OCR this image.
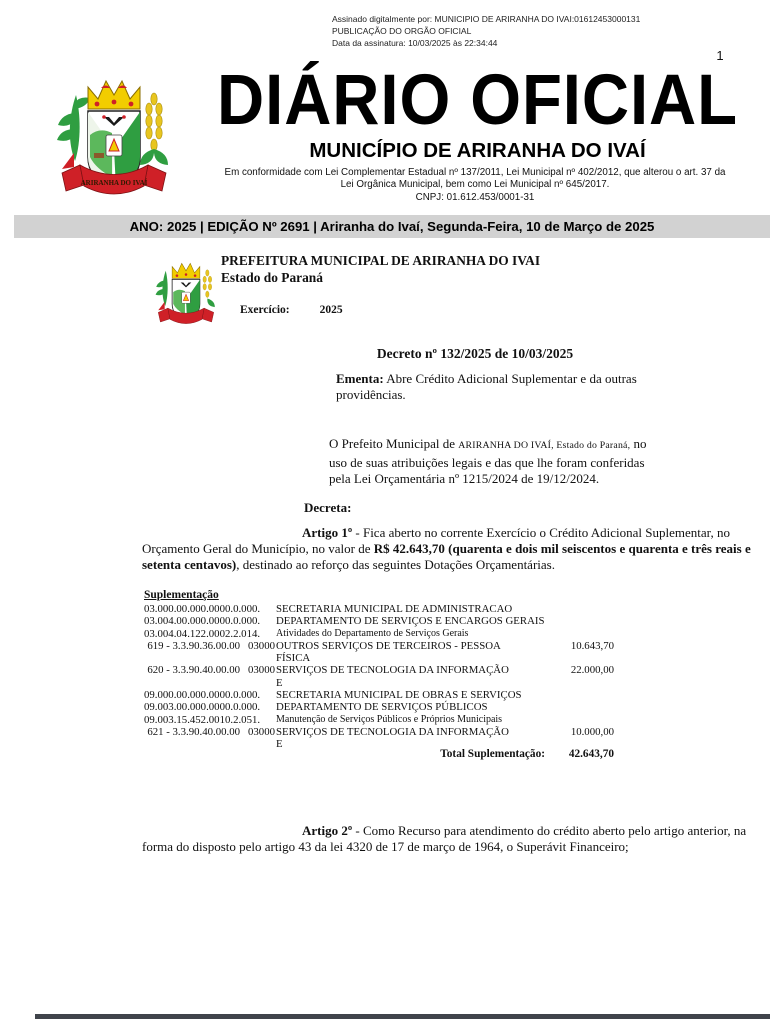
Assinado digitalmente por: MUNICIPIO DE ARIRANHA DO IVAI:01612453000131
PUBLICAÇÃO DO ORGÃO OFICIAL
Data da assinatura: 10/03/2025 às 22:34:44
1
ARIRANHA DO IVAÍ
DIÁRIO OFICIAL
MUNICÍPIO DE ARIRANHA DO IVAÍ
Em conformidade com Lei Complementar Estadual nº 137/2011, Lei Municipal nº 402/2012, que alterou o art. 37 da
Lei Orgânica Municipal, bem como Lei Municipal nº 645/2017.
CNPJ: 01.612.453/0001-31
ANO: 2025 | EDIÇÃO Nº 2691 | Ariranha do Ivaí, Segunda-Feira, 10 de Março de 2025
PREFEITURA MUNICIPAL DE ARIRANHA DO IVAI
Estado do Paraná
Exercício:	2025
Decreto nº 132/2025 de 10/03/2025
Ementa: Abre Crédito Adicional Suplementar e da outras providências.
O Prefeito Municipal de ARIRANHA DO IVAÍ, Estado do Paraná, no uso de suas atribuições legais e das que lhe foram conferidas pela Lei Orçamentária nº 1215/2024 de 19/12/2024.
Decreta:
Artigo 1º - Fica aberto no corrente Exercício o Crédito Adicional Suplementar, no Orçamento Geral do Município, no valor de R$ 42.643,70 (quarenta e dois mil seiscentos e quarenta e três reais e setenta centavos), destinado ao reforço das seguintes Dotações Orçamentárias.
Suplementação
03.000.00.000.0000.0.000. SECRETARIA MUNICIPAL DE ADMINISTRACAO
03.004.00.000.0000.0.000. DEPARTAMENTO DE SERVIÇOS E ENCARGOS GERAIS
03.004.04.122.0002.2.014. Atividades do Departamento de Serviços Gerais
619 - 3.3.90.36.00.00 03000 OUTROS SERVIÇOS DE TERCEIROS - PESSOA
FÍSICA
10.643,70
620 - 3.3.90.40.00.00 03000 SERVIÇOS DE TECNOLOGIA DA INFORMAÇÃO
E
22.000,00
09.000.00.000.0000.0.000. SECRETARIA MUNICIPAL DE OBRAS E SERVIÇOS
09.003.00.000.0000.0.000. DEPARTAMENTO DE SERVIÇOS PÚBLICOS
09.003.15.452.0010.2.051. Manutenção de Serviços Públicos e Próprios Municipais
621 - 3.3.90.40.00.00 03000 SERVIÇOS DE TECNOLOGIA DA INFORMAÇÃO
E
10.000,00
Total Suplementação:	42.643,70
Artigo 2º - Como Recurso para atendimento do crédito aberto pelo artigo anterior, na forma do disposto pelo artigo 43 da lei 4320 de 17 de março de 1964, o Superávit Financeiro;
